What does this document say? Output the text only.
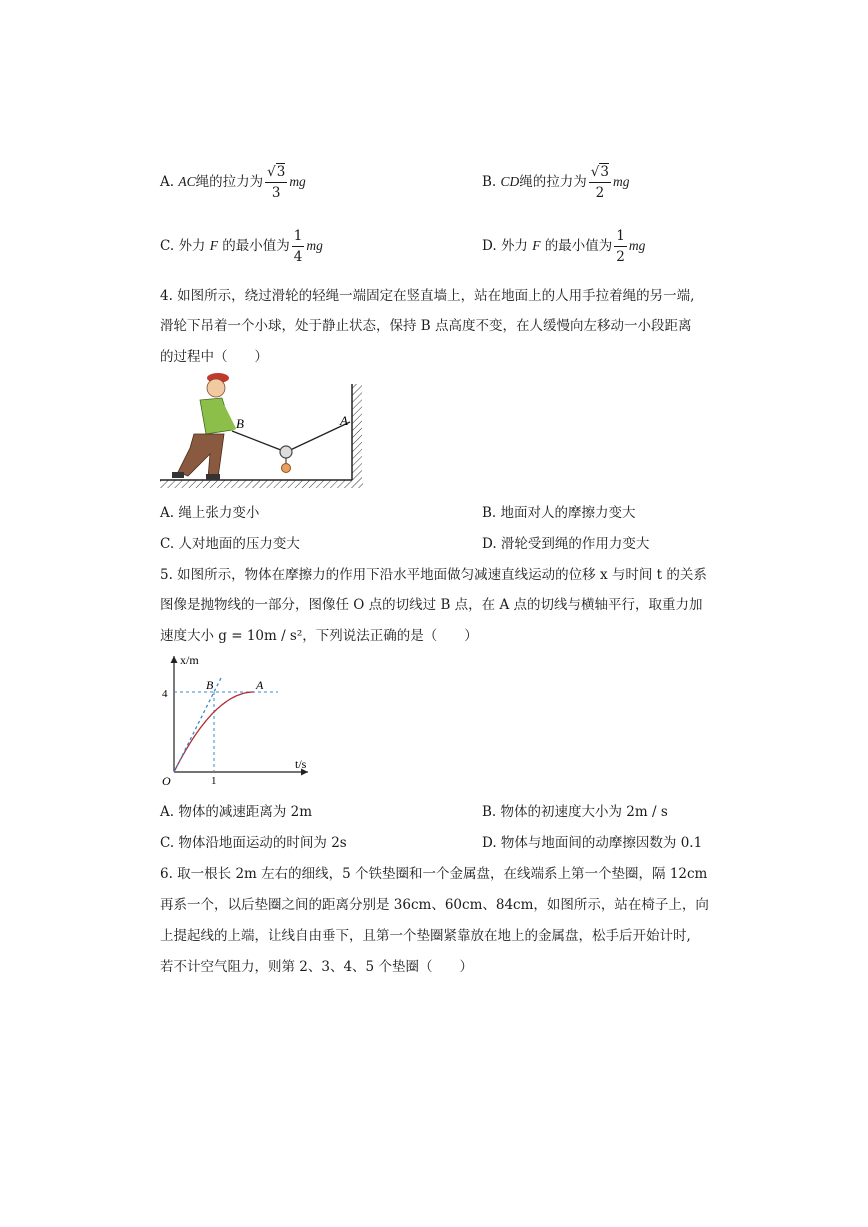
A. AC绳的拉力为 $\frac{√3}{3}$ mg	B. CD绳的拉力为 $\frac{√3}{2}$ mg
C. 外力 F 的最小值为 $\frac{1}{4}$ mg	D. 外力 F 的最小值为 $\frac{1}{2}$ mg
4. 如图所示，绕过滑轮的轻绳一端固定在竖直墙上，站在地面上的人用手拉着绳的另一端,
滑轮下吊着一个小球，处于静止状态，保持 B 点高度不变，在人缓慢向左移动一小段距离
的过程中（　　）
B	A
A. 绳上张力变小	B. 地面对人的摩擦力变大
C. 人对地面的压力变大	D. 滑轮受到绳的作用力变大
5. 如图所示，物体在摩擦力的作用下沿水平地面做匀减速直线运动的位移 x 与时间 t 的关系
图像是抛物线的一部分，图像任 O 点的切线过 B 点，在 A 点的切线与横轴平行，取重力加
速度大小 g = 10m / s²，下列说法正确的是（　　）
x/m
t/s
O
4
1
B	A
A. 物体的减速距离为 2m	B. 物体的初速度大小为 2m / s
C. 物体沿地面运动的时间为 2s	D. 物体与地面间的动摩擦因数为 0.1
6. 取一根长 2m 左右的细线，5 个铁垫圈和一个金属盘，在线端系上第一个垫圈，隔 12cm
再系一个，以后垫圈之间的距离分别是 36cm、60cm、84cm，如图所示，站在椅子上，向
上提起线的上端，让线自由垂下，且第一个垫圈紧靠放在地上的金属盘，松手后开始计时,
若不计空气阻力，则第 2、3、4、5 个垫圈（　　）
